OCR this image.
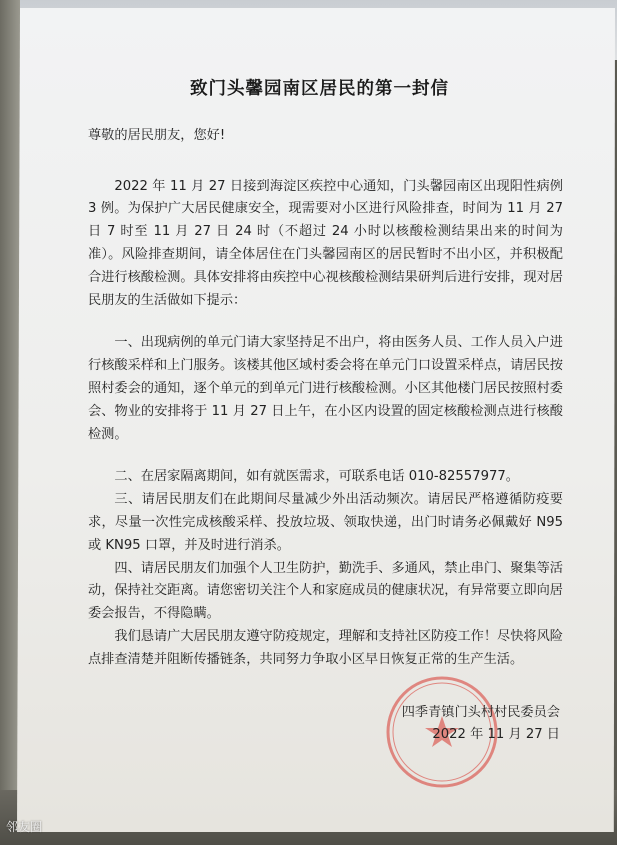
致门头馨园南区居民的第一封信
尊敬的居民朋友，您好!

2022 年 11 月 27 日接到海淀区疾控中心通知，门头馨园南区出现阳性病例 3 例。为保护广大居民健康安全，现需要对小区进行风险排查，时间为 11 月 27 日 7 时至 11 月 27 日 24 时（不超过 24 小时以核酸检测结果出来的时间为准）。风险排查期间，请全体居住在门头馨园南区的居民暂时不出小区，并积极配合进行核酸检测。具体安排将由疾控中心视核酸检测结果研判后进行安排，现对居民朋友的生活做如下提示：

一、出现病例的单元门请大家坚持足不出户，将由医务人员、工作人员入户进行核酸采样和上门服务。该楼其他区域村委会将在单元门口设置采样点，请居民按照村委会的通知，逐个单元的到单元门进行核酸检测。小区其他楼门居民按照村委会、物业的安排将于 11 月 27 日上午，在小区内设置的固定核酸检测点进行核酸检测。

二、在居家隔离期间，如有就医需求，可联系电话 010-82557977。

三、请居民朋友们在此期间尽量减少外出活动频次。请居民严格遵循防疫要求，尽量一次性完成核酸采样、投放垃圾、领取快递，出门时请务必佩戴好 N95 或 KN95 口罩，并及时进行消杀。

四、请居民朋友们加强个人卫生防护，勤洗手、多通风，禁止串门、聚集等活动，保持社交距离。请您密切关注个人和家庭成员的健康状况，有异常要立即向居委会报告，不得隐瞒。

我们恳请广大居民朋友遵守防疫规定，理解和支持社区防疫工作！尽快将风险点排查清楚并阻断传播链条，共同努力争取小区早日恢复正常的生产生活。

四季青镇门头村村民委员会
2022 年 11 月 27 日
邻友圈
